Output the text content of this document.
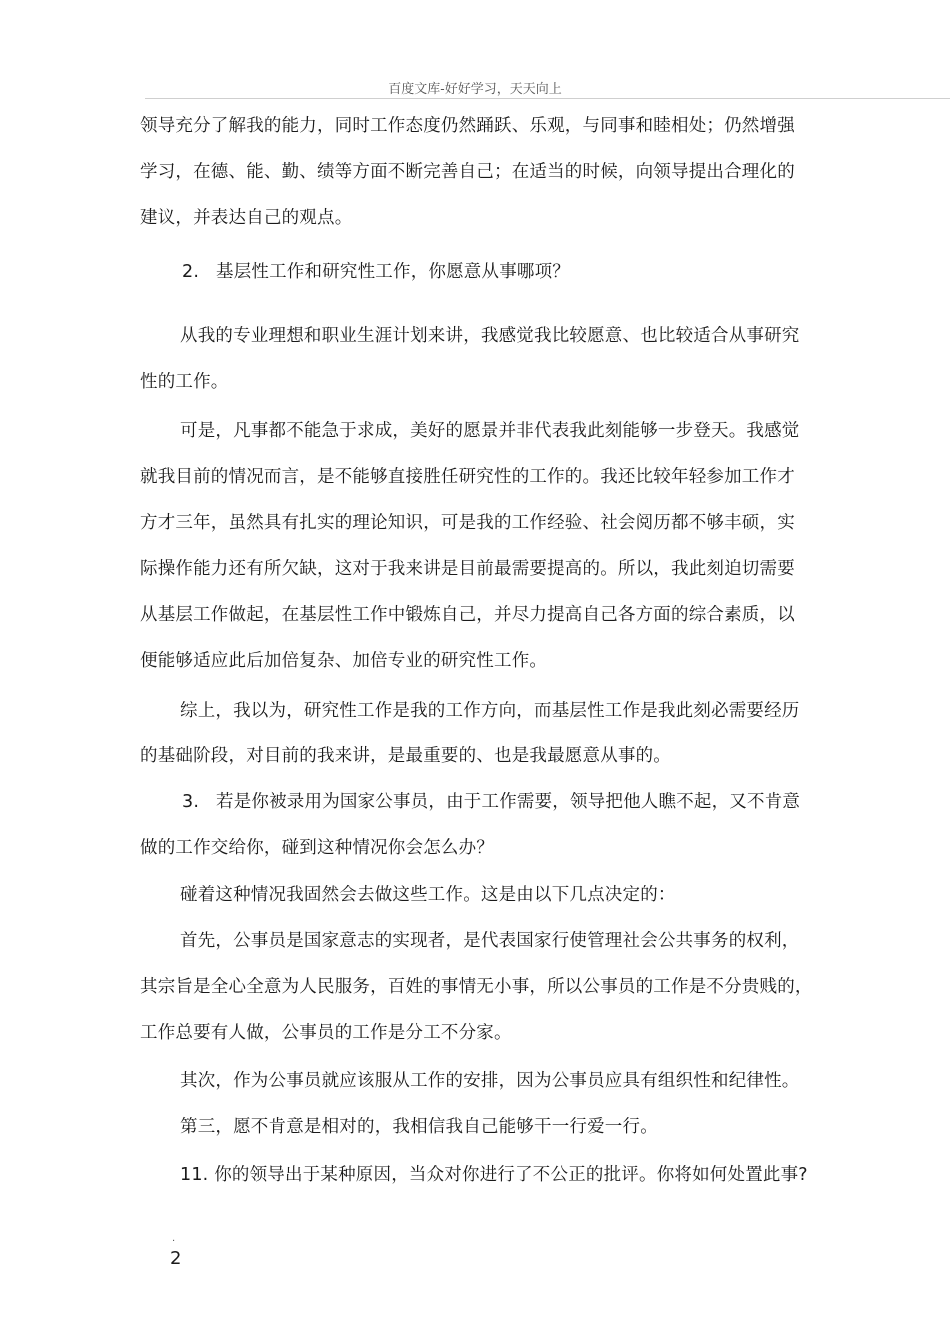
百度文库-好好学习，天天向上
领导充分了解我的能力，同时工作态度仍然踊跃、乐观，与同事和睦相处；仍然增强
学习，在德、能、勤、绩等方面不断完善自己；在适当的时候，向领导提出合理化的
建议，并表达自己的观点。
2. 基层性工作和研究性工作，你愿意从事哪项？
从我的专业理想和职业生涯计划来讲，我感觉我比较愿意、也比较适合从事研究
性的工作。
可是，凡事都不能急于求成，美好的愿景并非代表我此刻能够一步登天。我感觉
就我目前的情况而言，是不能够直接胜任研究性的工作的。我还比较年轻参加工作才
方才三年，虽然具有扎实的理论知识，可是我的工作经验、社会阅历都不够丰硕，实
际操作能力还有所欠缺，这对于我来讲是目前最需要提高的。所以，我此刻迫切需要
从基层工作做起，在基层性工作中锻炼自己，并尽力提高自己各方面的综合素质，以
便能够适应此后加倍复杂、加倍专业的研究性工作。
综上，我以为，研究性工作是我的工作方向，而基层性工作是我此刻必需要经历
的基础阶段，对目前的我来讲，是最重要的、也是我最愿意从事的。
3. 若是你被录用为国家公事员，由于工作需要，领导把他人瞧不起，又不肯意
做的工作交给你，碰到这种情况你会怎么办？
碰着这种情况我固然会去做这些工作。这是由以下几点决定的：
首先，公事员是国家意志的实现者，是代表国家行使管理社会公共事务的权利，
其宗旨是全心全意为人民服务，百姓的事情无小事，所以公事员的工作是不分贵贱的，
工作总要有人做，公事员的工作是分工不分家。
其次，作为公事员就应该服从工作的安排，因为公事员应具有组织性和纪律性。
第三，愿不肯意是相对的，我相信我自己能够干一行爱一行。
11. 你的领导出于某种原因，当众对你进行了不公正的批评。你将如何处置此事?
.
2
